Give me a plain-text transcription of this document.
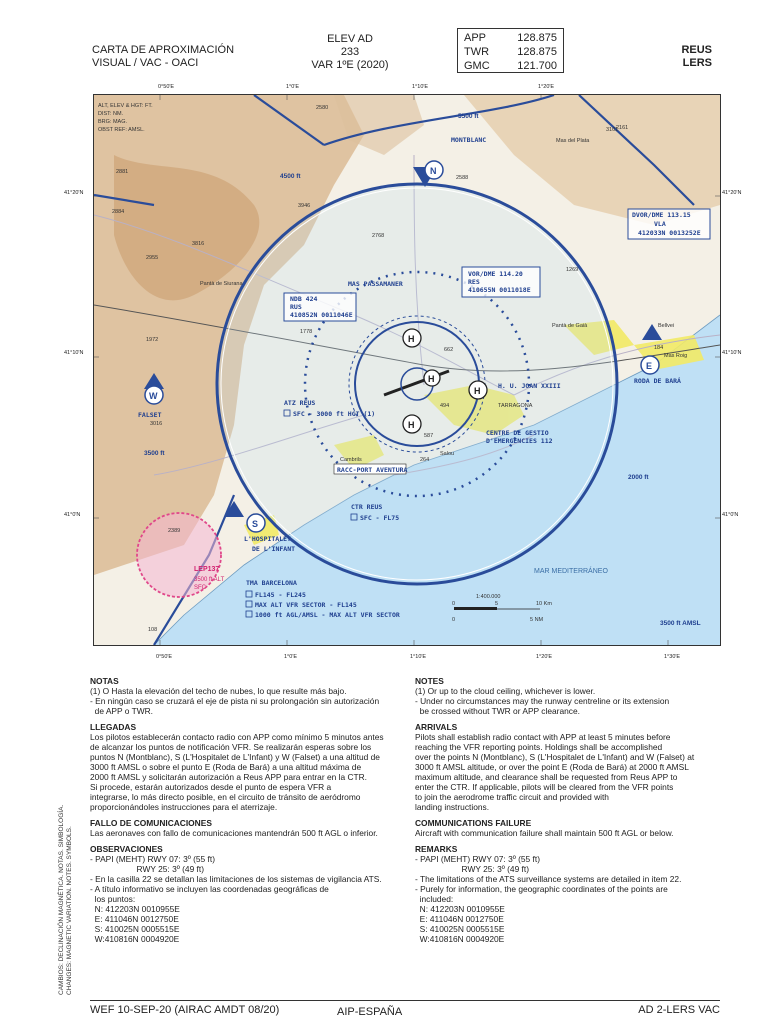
CARTA DE APROXIMACIÓN
VISUAL / VAC - OACI
ELEV AD
233
VAR 1ºE (2020)
APP	128.875
TWR	128.875
GMC	121.700
REUS
LERS
0°50'E	1°0'E	1°10'E	1°20'E
41°20'N
41°10'N
41°0'N
41°20'N
41°10'N
41°0'N
N
W
S
E
H
H
H
H
NDB 424
RUS
410852N 0011046E
VOR/DME 114.20
RES
410655N 0011018E
DVOR/DME 113.15
VLA
412033N 0013252E
MONTBLANC
FALSET
L'HOSPITALET
DE L'INFANT
RODA DE BARÁ
MAS PASSAMANER
H. U. JOAN XXIII
CENTRE DE GESTIO
D'EMERGÈNCIES 112
RACC-PORT AVENTURA
TARRAGONA
Pantà de Siurana
Pantà de Gaià	Bellvei
Mas Roig
Cambrils
Salou
Mas del Plata
MAR MEDITERRÁNEO
ATZ REUS
SFC - 3000 ft HGT (1)
CTR REUS
SFC - FL75
TMA BARCELONA
FL145 - FL245
MAX ALT VFR SECTOR - FL145
1000 ft AGL/AMSL - MAX ALT VFR SECTOR
LEP137
3500 ft ALT
SFC
5500 ft
4500 ft
3500 ft
2000 ft
3500 ft AMSL
2580
2161
2588
2881
2884
3946
2768
3816
2955
1972
1778
1269
3016
2389
108
662
494
587
264
184
3101
ALT, ELEV & HGT: FT.
DIST: NM.
BRG: MAG.
OBST REF: AMSL.
1:400.000
0	5	10 Km
0	5 NM
0°50'E	1°0'E	1°10'E	1°20'E	1°30'E
NOTAS

(1) O Hasta la elevación del techo de nubes, lo que resulte más bajo.
- En ningún caso se cruzará el eje de pista ni su prolongación sin autorización
de APP o TWR.

LLEGADAS

Los pilotos establecerán contacto radio con APP como mínimo 5 minutos antes
de alcanzar los puntos de notificación VFR. Se realizarán esperas sobre los
puntos N (Montblanc), S (L'Hospitalet de L'Infant) y W (Falset) a una altitud de
3000 ft AMSL o sobre el punto E (Roda de Bará) a una altitud máxima de
2000 ft AMSL y solicitarán autorización a Reus APP para entrar en la CTR.
Si procede, estarán autorizados desde el punto de espera VFR a
integrarse, lo más directo posible, en el circuito de tránsito de aeródromo
proporcionándoles instrucciones para el aterrizaje.

FALLO DE COMUNICACIONES

Las aeronaves con fallo de comunicaciones mantendrán 500 ft AGL o inferior.

OBSERVACIONES

- PAPI (MEHT) RWY 07: 3º (55 ft)
RWY 25: 3º (49 ft)
- En la casilla 22 se detallan las limitaciones de los sistemas de vigilancia ATS.
- A título informativo se incluyen las coordenadas geográficas de
los puntos:
N: 412203N 0010955E
E: 411046N 0012750E
S: 410025N 0005515E
W:410816N 0004920E

NOTES

(1) Or up to the cloud ceiling, whichever is lower.
- Under no circumstances may the runway centreline or its extension
be crossed without TWR or APP clearance.

ARRIVALS

Pilots shall establish radio contact with APP at least 5 minutes before
reaching the VFR reporting points. Holdings shall be accomplished
over the points N (Montblanc), S (L'Hospitalet de L'Infant) and W (Falset) at
3000 ft AMSL altitude, or over the point E (Roda de Bará) at 2000 ft AMSL
maximum altitude, and clearance shall be requested from Reus APP to
enter the CTR. If applicable, pilots will be cleared from the VFR points
to join the aerodrome traffic circuit and provided with
landing instructions.

COMMUNICATIONS FAILURE

Aircraft with communication failure shall maintain 500 ft AGL or below.

REMARKS

- PAPI (MEHT) RWY 07: 3º (55 ft)
RWY 25: 3º (49 ft)
- The limitations of the ATS surveillance systems are detailed in item 22.
- Purely for information, the geographic coordinates of the points are
included:
N: 412203N 0010955E
E: 411046N 0012750E
S: 410025N 0005515E
W:410816N 0004920E

CAMBIOS: DECLINACIÓN MAGNÉTICA. NOTAS. SIMBOLOGÍA.
CHANGES: MAGNETIC VARIATION. NOTES. SYMBOLS.
WEF 10-SEP-20 (AIRAC AMDT 08/20)	AIP-ESPAÑA	AD 2-LERS VAC
